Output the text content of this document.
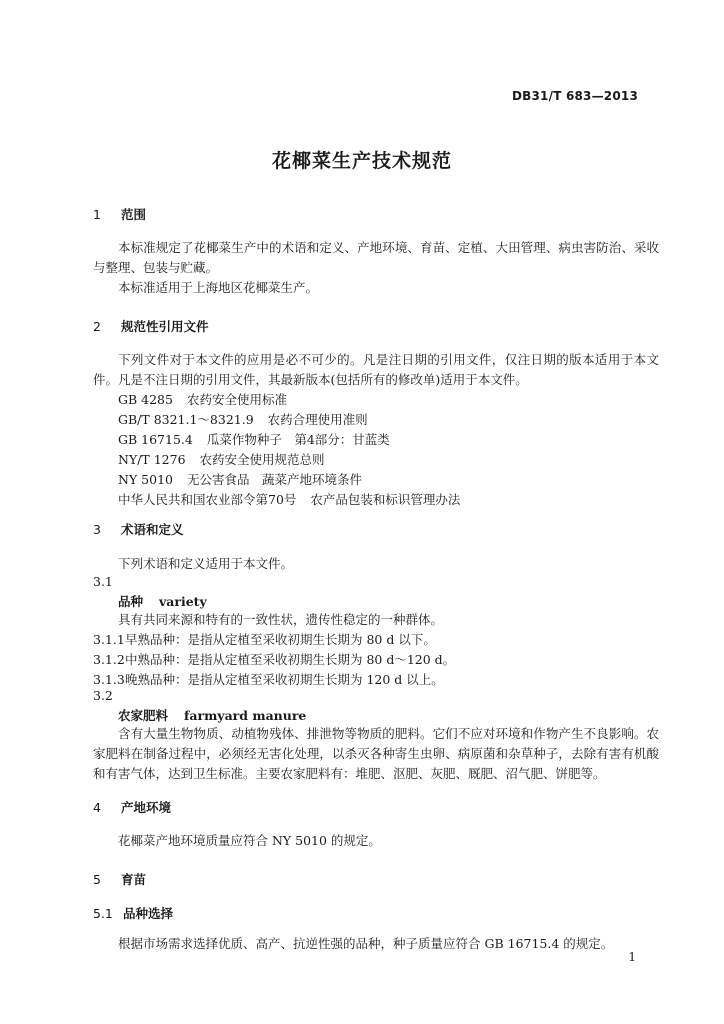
DB31/T 683—2013
花椰菜生产技术规范
1 范围
本标准规定了花椰菜生产中的术语和定义、产地环境、育苗、定植、大田管理、病虫害防治、采收与整理、包装与贮藏。
本标准适用于上海地区花椰菜生产。
2 规范性引用文件
下列文件对于本文件的应用是必不可少的。凡是注日期的引用文件，仅注日期的版本适用于本文件。凡是不注日期的引用文件，其最新版本(包括所有的修改单)适用于本文件。
GB 4285 农药安全使用标准
GB/T 8321.1～8321.9 农药合理使用准则
GB 16715.4 瓜菜作物种子　第4部分：甘蓝类
NY/T 1276 农药安全使用规范总则
NY 5010 无公害食品　蔬菜产地环境条件
中华人民共和国农业部令第70号 农产品包装和标识管理办法
3 术语和定义
下列术语和定义适用于本文件。
3.1
品种 variety
具有共同来源和特有的一致性状，遗传性稳定的一种群体。
3.1.1早熟品种：是指从定植至采收初期生长期为 80 d 以下。
3.1.2中熟品种：是指从定植至采收初期生长期为 80 d～120 d。
3.1.3晚熟品种：是指从定植至采收初期生长期为 120 d 以上。
3.2
农家肥料 farmyard manure
含有大量生物物质、动植物残体、排泄物等物质的肥料。它们不应对环境和作物产生不良影响。农家肥料在制备过程中，必须经无害化处理，以杀灭各种寄生虫卵、病原菌和杂草种子，去除有害有机酸和有害气体，达到卫生标准。主要农家肥料有：堆肥、沤肥、灰肥、厩肥、沼气肥、饼肥等。
4 产地环境
花椰菜产地环境质量应符合 NY 5010 的规定。
5 育苗
5.1 品种选择
根据市场需求选择优质、高产、抗逆性强的品种，种子质量应符合 GB 16715.4 的规定。
1
